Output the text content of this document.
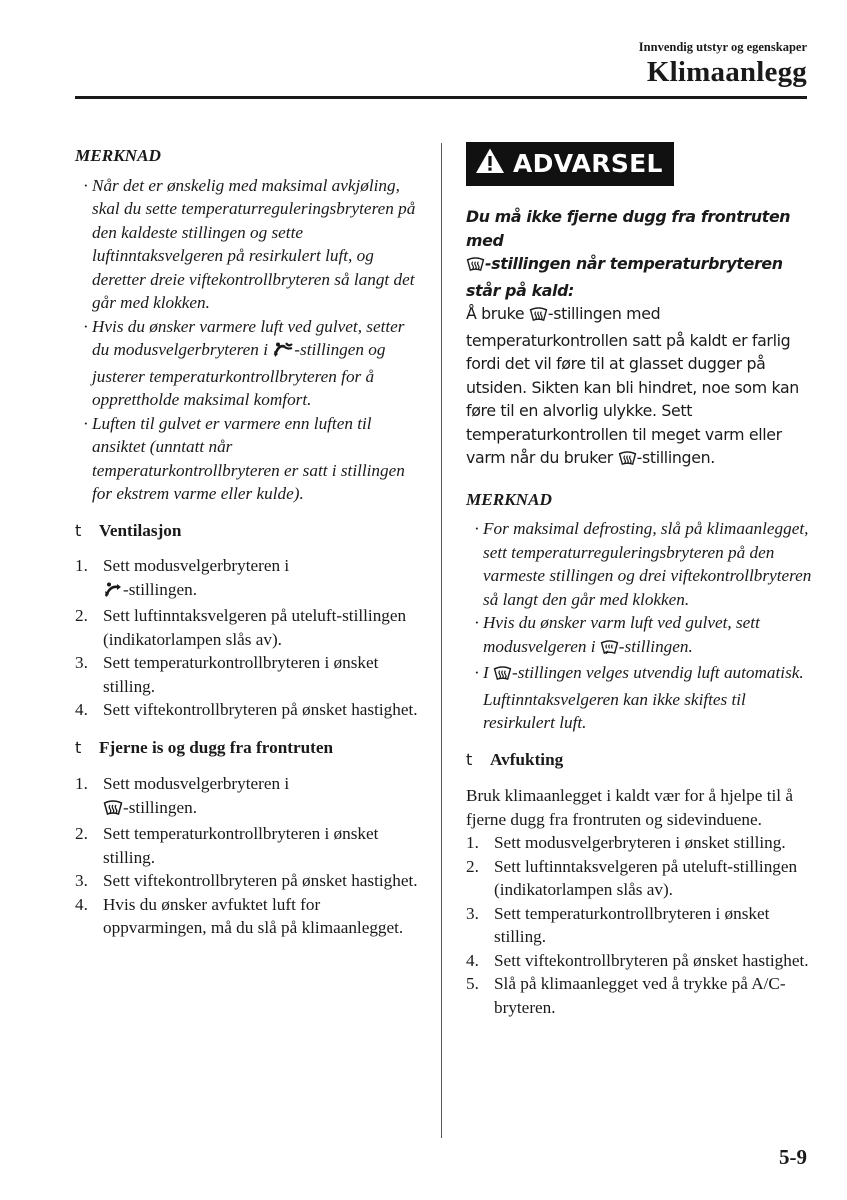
Innvendig utstyr og egenskaper
Klimaanlegg
MERKNAD
· Når det er ønskelig med maksimal avkjøling, skal du sette temperaturreguleringsbryteren på den kaldeste stillingen og sette luftinntaksvelgeren på resirkulert luft, og deretter dreie viftekontrollbryteren så langt det går med klokken.
· Hvis du ønsker varmere luft ved gulvet, setter du modusvelgerbryteren i -stillingen og justerer temperaturkontrollbryteren for å opprettholde maksimal komfort.
· Luften til gulvet er varmere enn luften til ansiktet (unntatt når temperaturkontrollbryteren er satt i stillingen for ekstrem varme eller kulde).
t	Ventilasjon
1. Sett modusvelgerbryteren i
-stillingen.
2. Sett luftinntaksvelgeren på uteluft-stillingen (indikatorlampen slås av).
3. Sett temperaturkontrollbryteren i ønsket stilling.
4. Sett viftekontrollbryteren på ønsket hastighet.
t	Fjerne is og dugg fra frontruten
1. Sett modusvelgerbryteren i
-stillingen.
2. Sett temperaturkontrollbryteren i ønsket stilling.
3. Sett viftekontrollbryteren på ønsket hastighet.
4. Hvis du ønsker avfuktet luft for oppvarmingen, må du slå på klimaanlegget.
ADVARSEL
Du må ikke fjerne dugg fra frontruten med
-stillingen når temperaturbryteren står på kald:
Å bruke -stillingen med temperaturkontrollen satt på kaldt er farlig fordi det vil føre til at glasset dugger på utsiden. Sikten kan bli hindret, noe som kan føre til en alvorlig ulykke. Sett temperaturkontrollen til meget varm eller varm når du bruker -stillingen.
MERKNAD
· For maksimal defrosting, slå på klimaanlegget, sett temperaturreguleringsbryteren på den varmeste stillingen og drei viftekontrollbryteren så langt den går med klokken.
· Hvis du ønsker varm luft ved gulvet, sett modusvelgeren i -stillingen.
· I -stillingen velges utvendig luft automatisk. Luftinntaksvelgeren kan ikke skiftes til resirkulert luft.
t	Avfukting

Bruk klimaanlegget i kaldt vær for å hjelpe til å fjerne dugg fra frontruten og sidevinduene.

1. Sett modusvelgerbryteren i ønsket stilling.
2. Sett luftinntaksvelgeren på uteluft-stillingen (indikatorlampen slås av).
3. Sett temperaturkontrollbryteren i ønsket stilling.
4. Sett viftekontrollbryteren på ønsket hastighet.
5. Slå på klimaanlegget ved å trykke på A/C-bryteren.
5-9
